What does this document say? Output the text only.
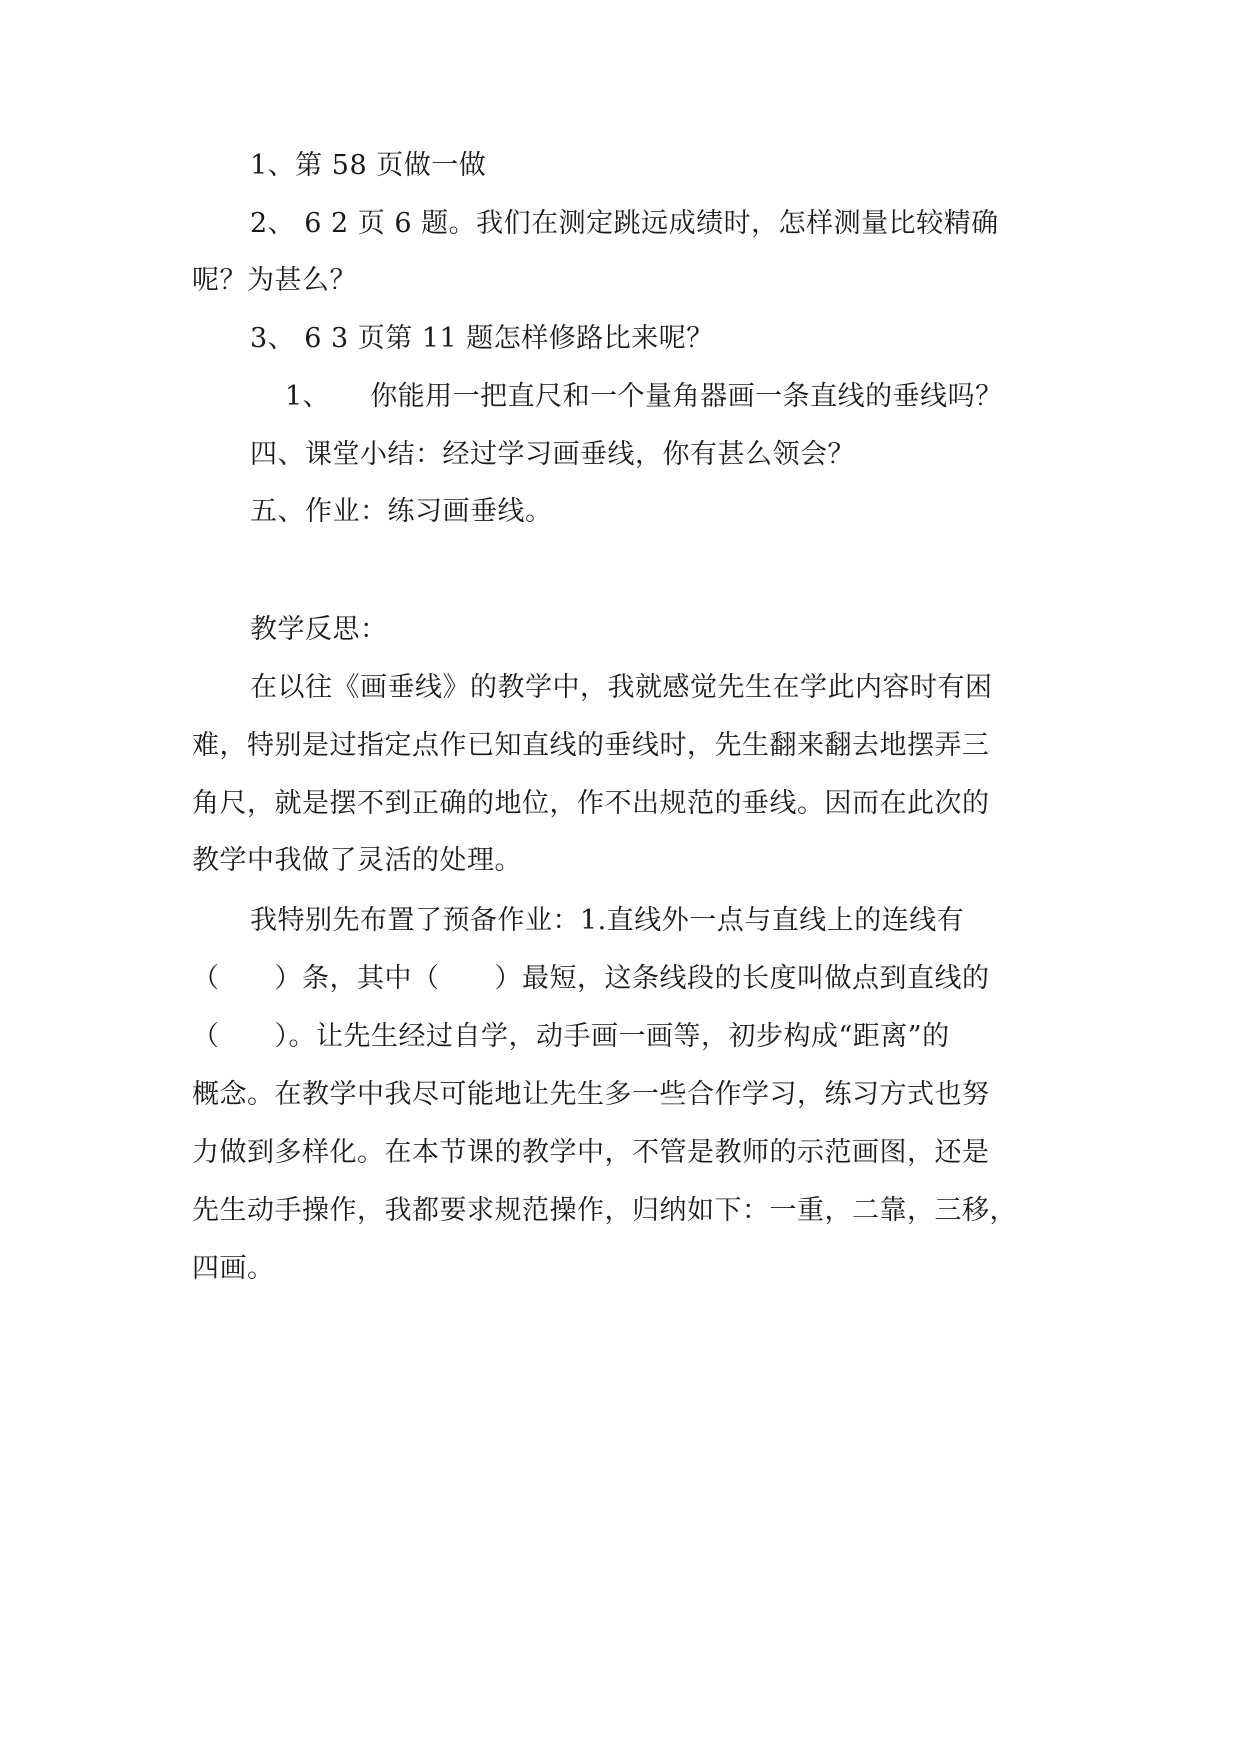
1、第 58 页做一做
2、 6 2 页 6 题。我们在测定跳远成绩时，怎样测量比较精确
呢？为甚么？
3、 6 3 页第 11 题怎样修路比来呢？
1、 你能用一把直尺和一个量角器画一条直线的垂线吗？
四、课堂小结：经过学习画垂线，你有甚么领会？
五、作业：练习画垂线。
教学反思：
在以往《画垂线》的教学中，我就感觉先生在学此内容时有困
难，特别是过指定点作已知直线的垂线时，先生翻来翻去地摆弄三
角尺，就是摆不到正确的地位，作不出规范的垂线。因而在此次的
教学中我做了灵活的处理。
我特别先布置了预备作业：1.直线外一点与直线上的连线有
（　　）条，其中（　　）最短，这条线段的长度叫做点到直线的
（　　）。让先生经过自学，动手画一画等，初步构成“距离”的
概念。在教学中我尽可能地让先生多一些合作学习，练习方式也努
力做到多样化。在本节课的教学中，不管是教师的示范画图，还是
先生动手操作，我都要求规范操作，归纳如下：一重，二靠，三移，
四画。
